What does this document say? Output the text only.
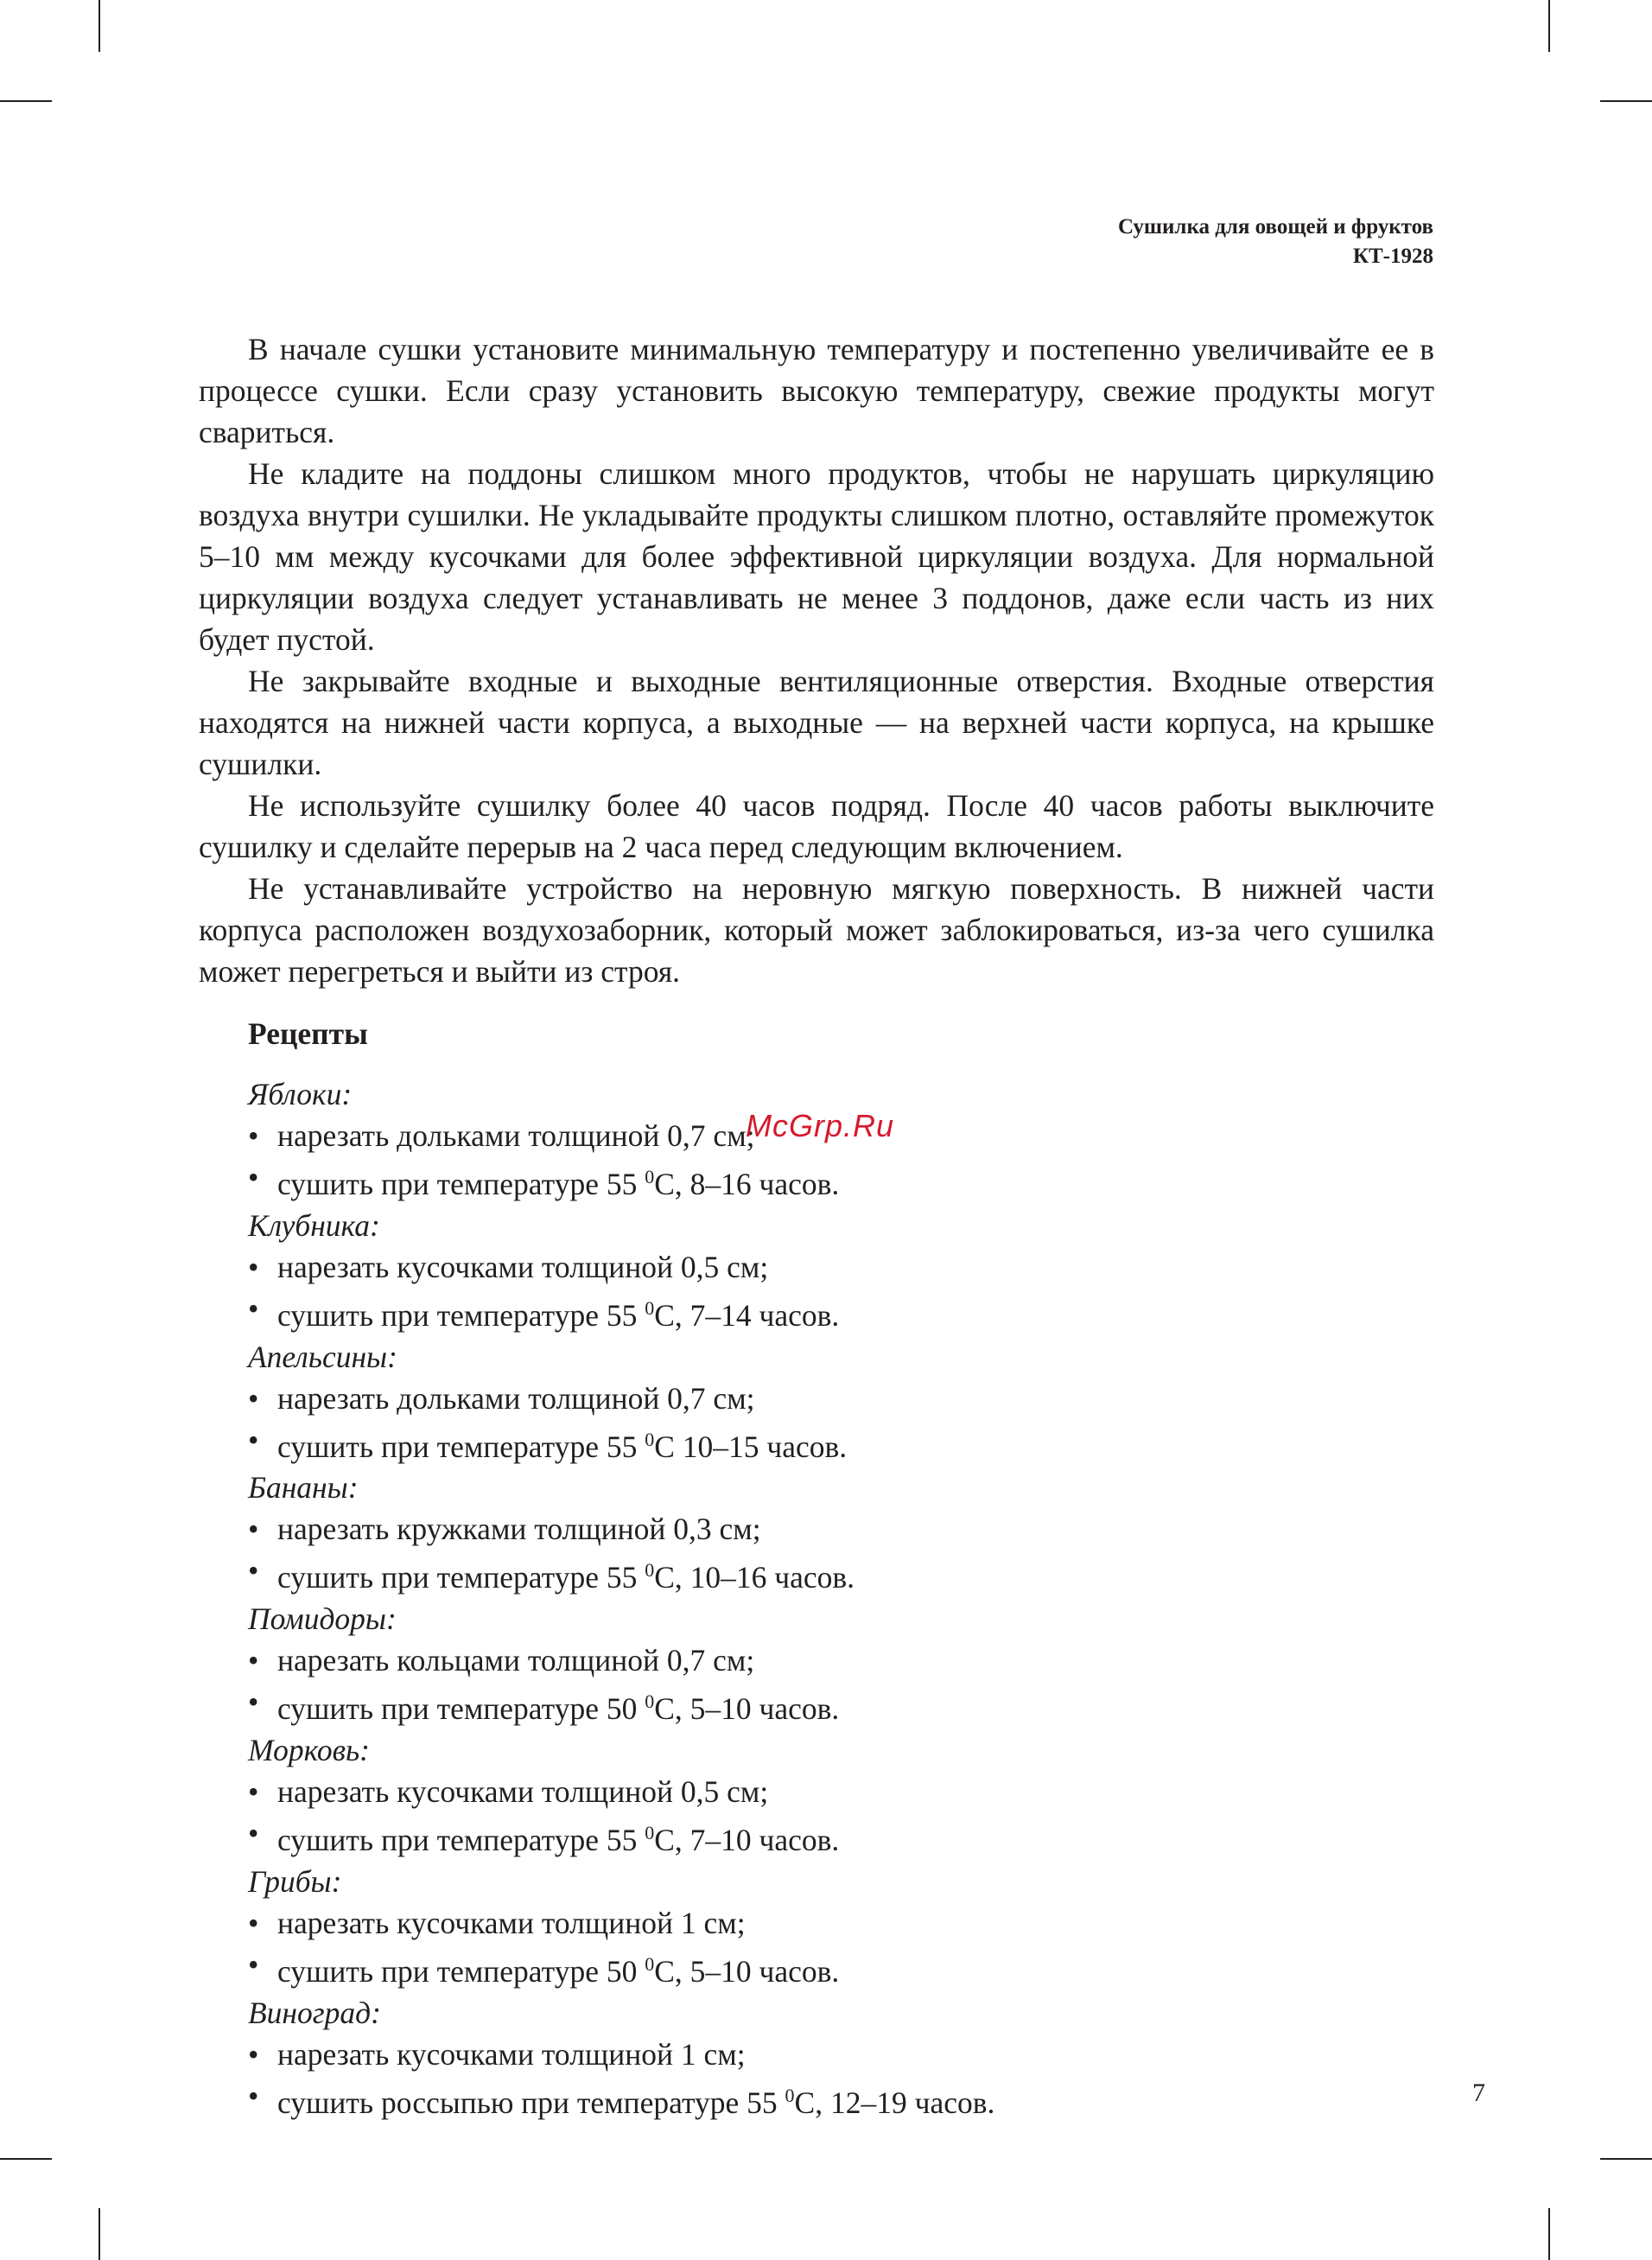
Сушилка для овощей и фруктов
КТ-1928

В начале сушки установите минимальную температуру и постепенно увеличивайте ее в процессе сушки. Если сразу установить высокую температуру, свежие продукты могут свариться.

Не кладите на поддоны слишком много продуктов, чтобы не нарушать циркуляцию воздуха внутри сушилки. Не укладывайте продукты слишком плотно, оставляйте промежуток 5–10 мм между кусочками для более эффективной циркуляции воздуха. Для нормальной циркуляции воздуха следует устанавливать не менее 3 поддонов, даже если часть из них будет пустой.

Не закрывайте входные и выходные вентиляционные отверстия. Входные отверстия находятся на нижней части корпуса, а выходные — на верхней части корпуса, на крышке сушилки.

Не используйте сушилку более 40 часов подряд. После 40 часов работы выключите сушилку и сделайте перерыв на 2 часа перед следующим включением.

Не устанавливайте устройство на неровную мягкую поверхность. В нижней части корпуса расположен воздухозаборник, который может заблокироваться, из-за чего сушилка может перегреться и выйти из строя.

Рецепты
Яблоки:
• нарезать дольками толщиной 0,7 см;
• сушить при температуре 55 $^0$С, 8–16 часов.
Клубника:
• нарезать кусочками толщиной 0,5 см;
• сушить при температуре 55 $^0$С, 7–14 часов.
Апельсины:
• нарезать дольками толщиной 0,7 см;
• сушить при температуре 55 $^0$С 10–15 часов.
Бананы:
• нарезать кружками толщиной 0,3 см;
• сушить при температуре 55 $^0$С, 10–16 часов.
Помидоры:
• нарезать кольцами толщиной 0,7 см;
• сушить при температуре 50 $^0$С, 5–10 часов.
Морковь:
• нарезать кусочками толщиной 0,5 см;
• сушить при температуре 55 $^0$С, 7–10 часов.
Грибы:
• нарезать кусочками толщиной 1 см;
• сушить при температуре 50 $^0$С, 5–10 часов.
Виноград:
• нарезать кусочками толщиной 1 см;
• сушить россыпью при температуре 55 $^0$С, 12–19 часов.
McGrp.Ru
7
